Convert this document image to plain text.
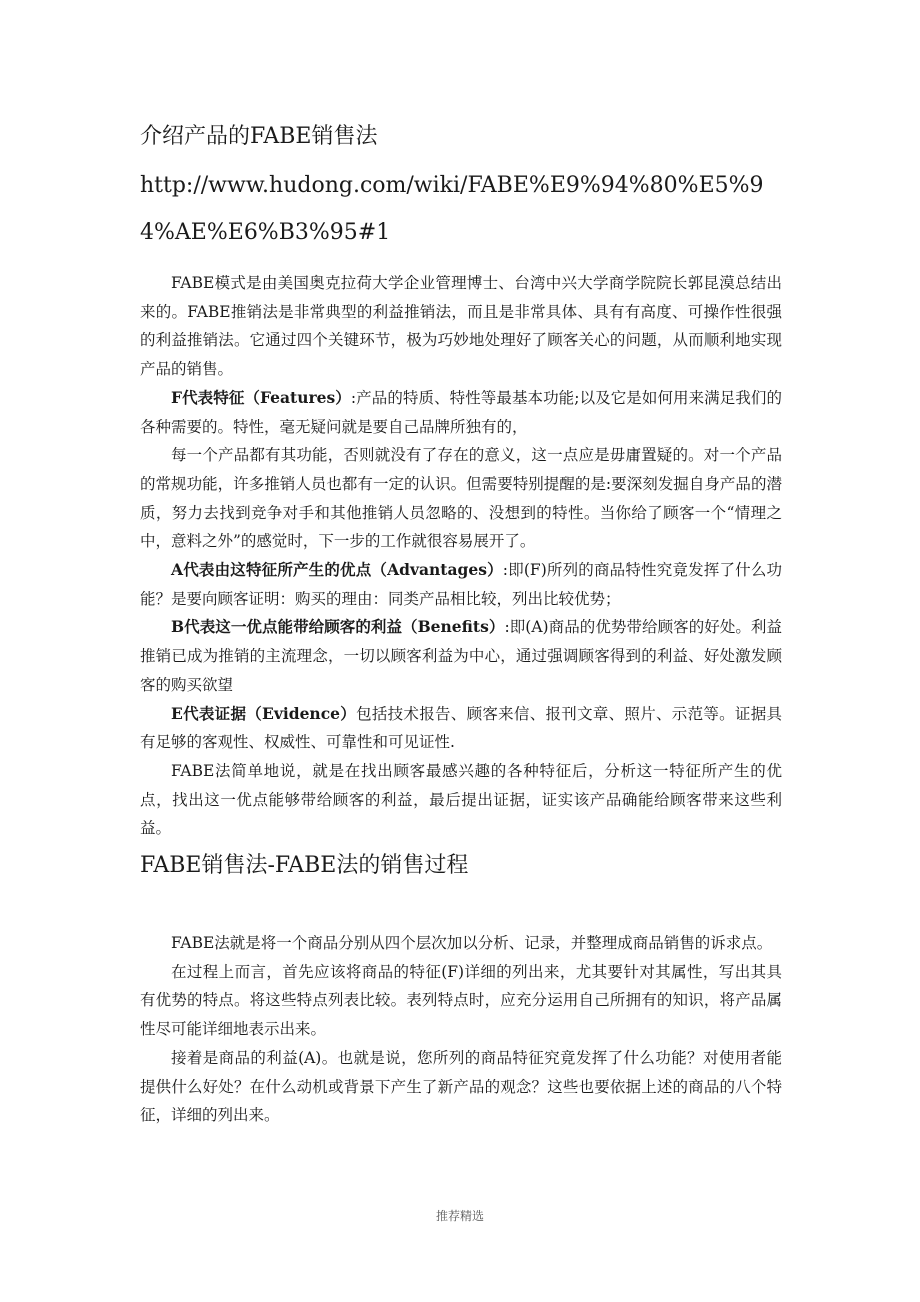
介绍产品的FABE销售法
http://www.hudong.com/wiki/FABE%E9%94%80%E5%94%AE%E6%B3%95#1

FABE模式是由美国奥克拉荷大学企业管理博士、台湾中兴大学商学院院长郭昆漠总结出来的。FABE推销法是非常典型的利益推销法，而且是非常具体、具有有高度、可操作性很强的利益推销法。它通过四个关键环节，极为巧妙地处理好了顾客关心的问题，从而顺利地实现产品的销售。

F代表特征（Features）:产品的特质、特性等最基本功能;以及它是如何用来满足我们的各种需要的。特性，毫无疑问就是要自己品牌所独有的，

每一个产品都有其功能，否则就没有了存在的意义，这一点应是毋庸置疑的。对一个产品的常规功能，许多推销人员也都有一定的认识。但需要特别提醒的是:要深刻发掘自身产品的潜质，努力去找到竞争对手和其他推销人员忽略的、没想到的特性。当你给了顾客一个“情理之中，意料之外”的感觉时，下一步的工作就很容易展开了。

A代表由这特征所产生的优点（Advantages）:即(F)所列的商品特性究竟发挥了什么功能？是要向顾客证明：购买的理由：同类产品相比较，列出比较优势；

B代表这一优点能带给顾客的利益（Benefits）:即(A)商品的优势带给顾客的好处。利益推销已成为推销的主流理念，一切以顾客利益为中心，通过强调顾客得到的利益、好处激发顾客的购买欲望

E代表证据（Evidence）包括技术报告、顾客来信、报刊文章、照片、示范等。证据具有足够的客观性、权威性、可靠性和可见证性.

FABE法简单地说，就是在找出顾客最感兴趣的各种特征后，分析这一特征所产生的优点，找出这一优点能够带给顾客的利益，最后提出证据，证实该产品确能给顾客带来这些利益。

FABE销售法-FABE法的销售过程

FABE法就是将一个商品分别从四个层次加以分析、记录，并整理成商品销售的诉求点。

在过程上而言，首先应该将商品的特征(F)详细的列出来，尤其要针对其属性，写出其具有优势的特点。将这些特点列表比较。表列特点时，应充分运用自己所拥有的知识，将产品属性尽可能详细地表示出来。

接着是商品的利益(A)。也就是说，您所列的商品特征究竟发挥了什么功能？对使用者能提供什么好处？在什么动机或背景下产生了新产品的观念？这些也要依据上述的商品的八个特征，详细的列出来。

推荐精选
